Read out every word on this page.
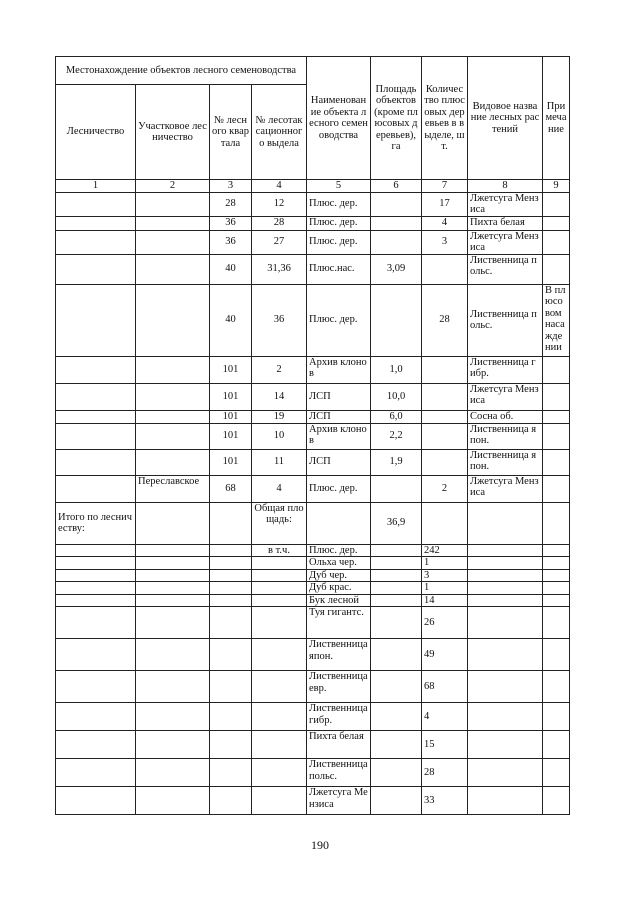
Местонахождение объектов лесного семеноводства				Наименование объекта лесного семеноводства	Площадь объектов (кроме плюсовых деревьев), га	Количество плюсовых деревьев в выделе, шт.	Видовое название лесных растений	Примечание
Лесничество	Участковое лесничество	№ лесного квартала	№ лесотаксационного выдела					
1	2	3	4	5	6	7	8	9
		28	12	Плюс. дер.		17	Лжетсуга Мензиса	
		36	28	Плюс. дер.		4	Пихта белая	
		36	27	Плюс. дер.		3	Лжетсуга Мензиса	
		40	31,36	Плюс.нас.	3,09		Лиственница польс.	
		40	36	Плюс. дер.		28	Лиственница польс.	В плюсовом насаждении
		101	2	Архив клонов	1,0		Лиственница гибр.	
		101	14	ЛСП	10,0		Лжетсуга Мензиса	
		101	19	ЛСП	6,0		Сосна об.	
		101	10	Архив клонов	2,2		Лиственница япон.	
		101	11	ЛСП	1,9		Лиственница япон.	
	Переславское	68	4	Плюс. дер.		2	Лжетсуга Мензиса	
Итого по лесничеству:			Общая площадь:		36,9			
			в т.ч.	Плюс. дер.		242		
				Ольха чер.		1		
				Дуб чер.		3		
				Дуб крас.		1		
				Бук лесной		14		
				Туя гигантс.		26		
				Лиственница япон.		49		
				Лиственница евр.		68		
				Лиственница гибр.		4		
				Пихта белая		15		
				Лиственница польс.		28		
				Лжетсуга Мензиса		33		
190
